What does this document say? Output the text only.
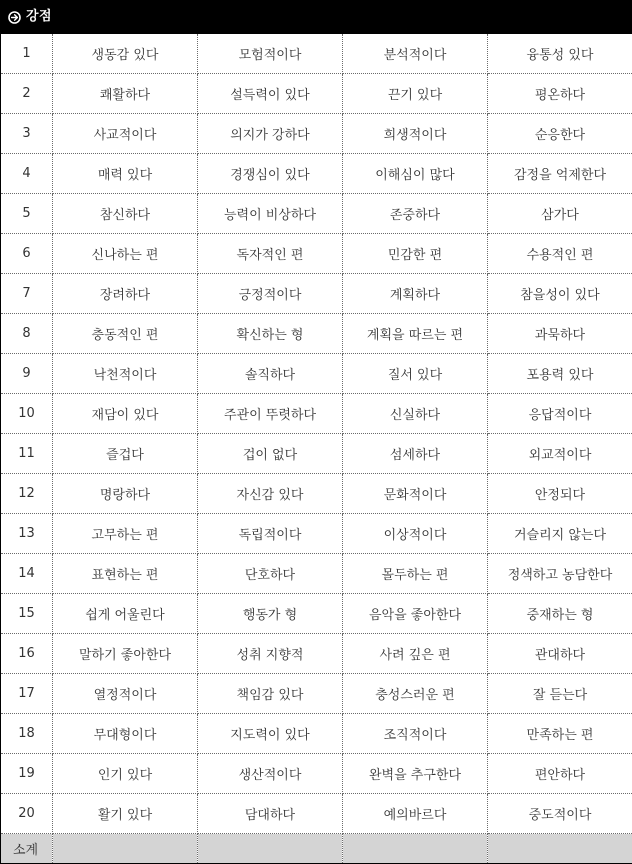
강점
1	생동감 있다	모험적이다	분석적이다	융통성 있다
2	쾌활하다	설득력이 있다	끈기 있다	평온하다
3	사교적이다	의지가 강하다	희생적이다	순응한다
4	매력 있다	경쟁심이 있다	이해심이 많다	감정을 억제한다
5	참신하다	능력이 비상하다	존중하다	삼가다
6	신나하는 편	독자적인 편	민감한 편	수용적인 편
7	장려하다	긍정적이다	계획하다	참을성이 있다
8	충동적인 편	확신하는 형	계획을 따르는 편	과묵하다
9	낙천적이다	솔직하다	질서 있다	포용력 있다
10	재담이 있다	주관이 뚜렷하다	신실하다	응답적이다
11	즐겁다	겁이 없다	섬세하다	외교적이다
12	명랑하다	자신감 있다	문화적이다	안정되다
13	고무하는 편	독립적이다	이상적이다	거슬리지 않는다
14	표현하는 편	단호하다	몰두하는 편	정색하고 농담한다
15	쉽게 어울린다	행동가 형	음악을 좋아한다	중재하는 형
16	말하기 좋아한다	성취 지향적	사려 깊은 편	관대하다
17	열정적이다	책임감 있다	충성스러운 편	잘 듣는다
18	무대형이다	지도력이 있다	조직적이다	만족하는 편
19	인기 있다	생산적이다	완벽을 추구한다	편안하다
20	활기 있다	담대하다	예의바르다	중도적이다
소계				
